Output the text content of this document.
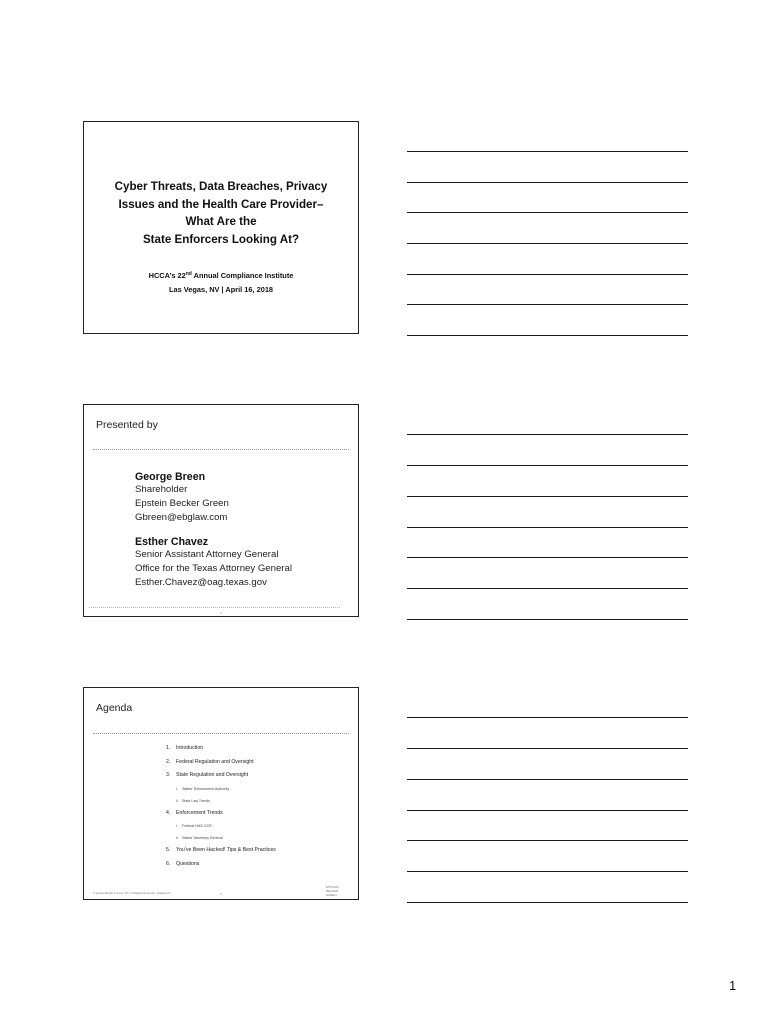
Cyber Threats, Data Breaches, Privacy
Issues and the Health Care Provider–
What Are the
State Enforcers Looking At?
HCCA’s 22nd Annual Compliance Institute
Las Vegas, NV | April 16, 2018
Presented by
George Breen
Shareholder
Epstein Becker Green
Gbreen@ebglaw.com
Esther Chavez
Senior Assistant Attorney General
Office for the Texas Attorney General
Esther.Chavez@oag.texas.gov
2
Agenda
1. Introduction
2. Federal Regulation and Oversight
3. State Regulation and Oversight
i. States’ Enforcement Authority
ii. State Law Trends
4. Enforcement Trends
i. Federal HHS OCR
ii. States’ Attorneys General
5. You’ve Been Hacked! Tips & Best Practices
6. Questions
© Epstein Becker & Green, P.C. | All Rights Reserved. | ebglaw.com	3
EPSTEIN
BECKER
GREEN
1
